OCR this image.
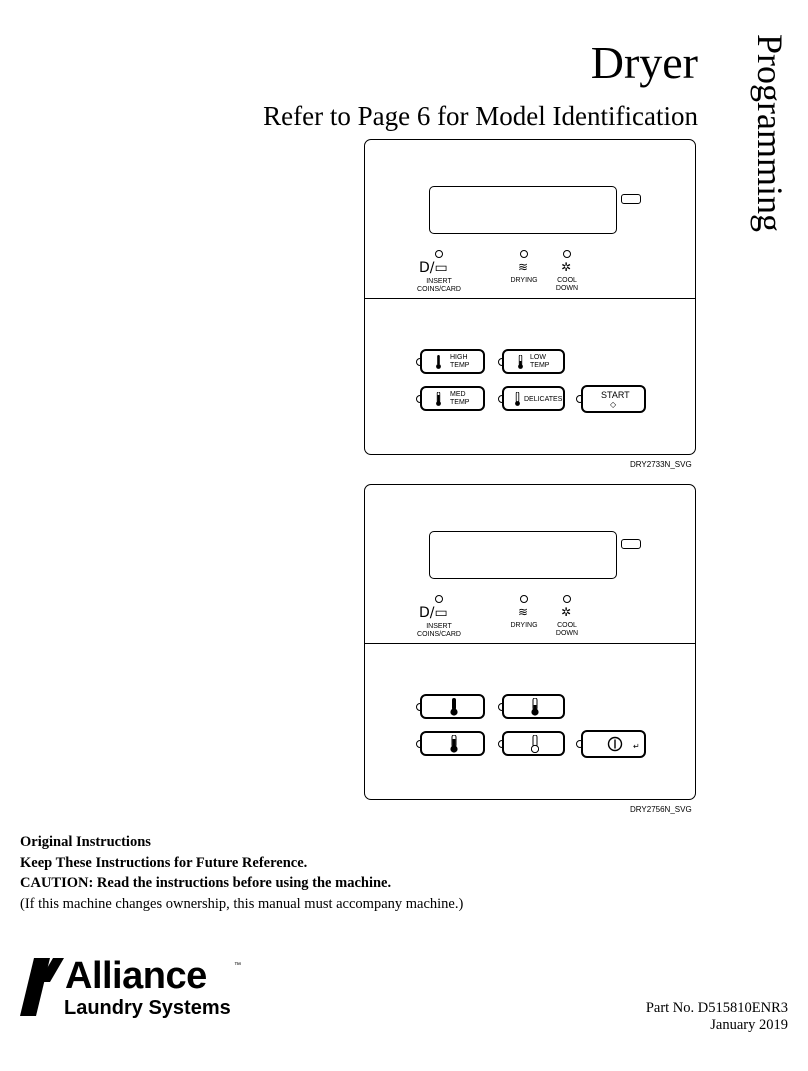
Dryer
Refer to Page 6 for Model Identification Programming
D/▭
INSERT
COINS/CARD
≋
DRYING
✲
COOL
DOWN
HIGH
TEMP
LOW
TEMP
MED
TEMP	DELICATES	START
◇
DRY2733N_SVG
D/▭
INSERT
COINS/CARD
≋
DRYING
✲
COOL
DOWN
↵
DRY2756N_SVG
Original Instructions
Keep These Instructions for Future Reference.
CAUTION: Read the instructions before using the machine.
(If this machine changes ownership, this manual must accompany machine.)
Alliance	™
Laundry Systems	Part No. D515810ENR3
January 2019
